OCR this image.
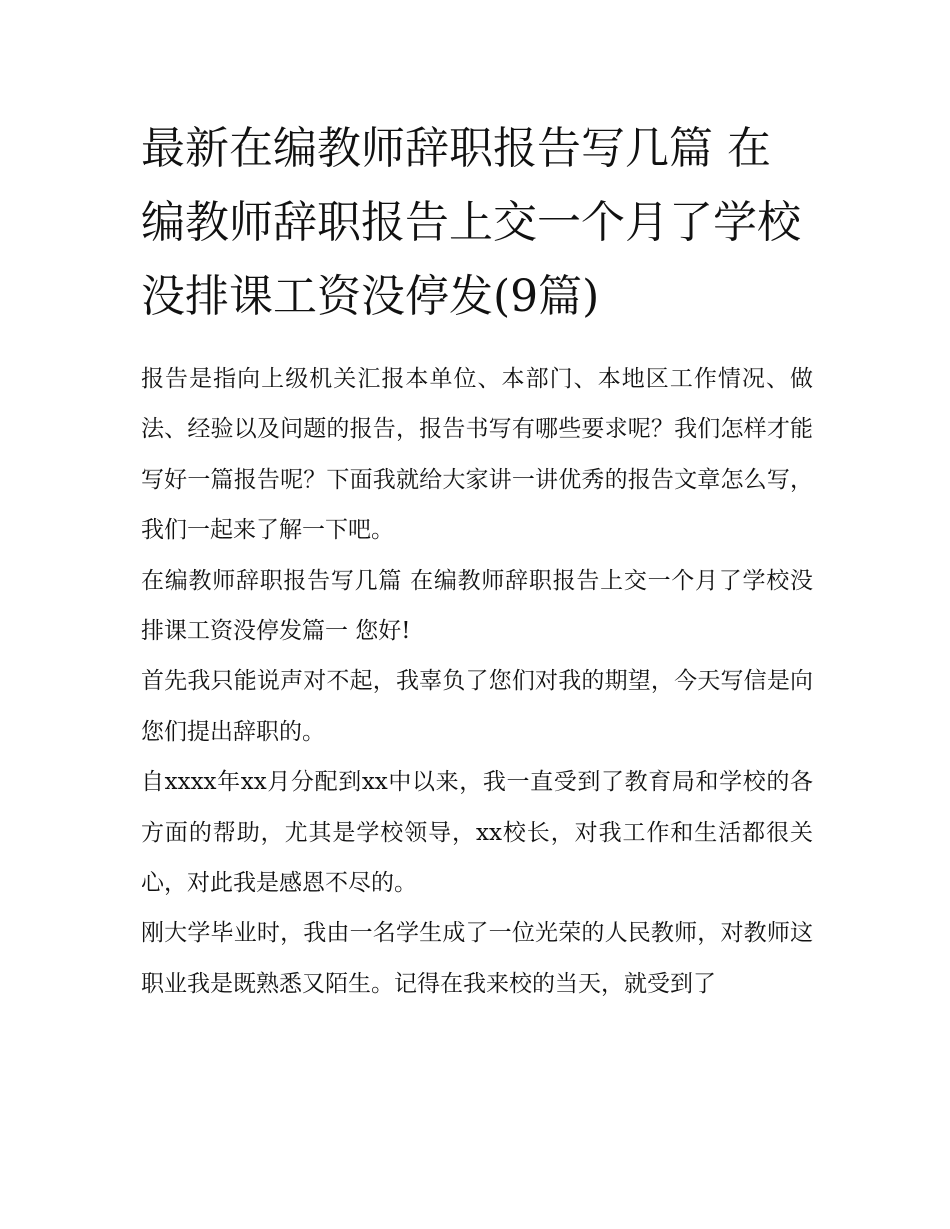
最新在编教师辞职报告写几篇 在编教师辞职报告上交一个月了学校没排课工资没停发(9篇)

报告是指向上级机关汇报本单位、本部门、本地区工作情况、做法、经验以及问题的报告，报告书写有哪些要求呢？我们怎样才能写好一篇报告呢？下面我就给大家讲一讲优秀的报告文章怎么写，我们一起来了解一下吧。

在编教师辞职报告写几篇 在编教师辞职报告上交一个月了学校没排课工资没停发篇一 您好!

首先我只能说声对不起，我辜负了您们对我的期望，今天写信是向您们提出辞职的。

自xxxx年xx月分配到xx中以来，我一直受到了教育局和学校的各方面的帮助，尤其是学校领导，xx校长，对我工作和生活都很关心，对此我是感恩不尽的。

刚大学毕业时，我由一名学生成了一位光荣的人民教师，对教师这职业我是既熟悉又陌生。记得在我来校的当天，就受到了
